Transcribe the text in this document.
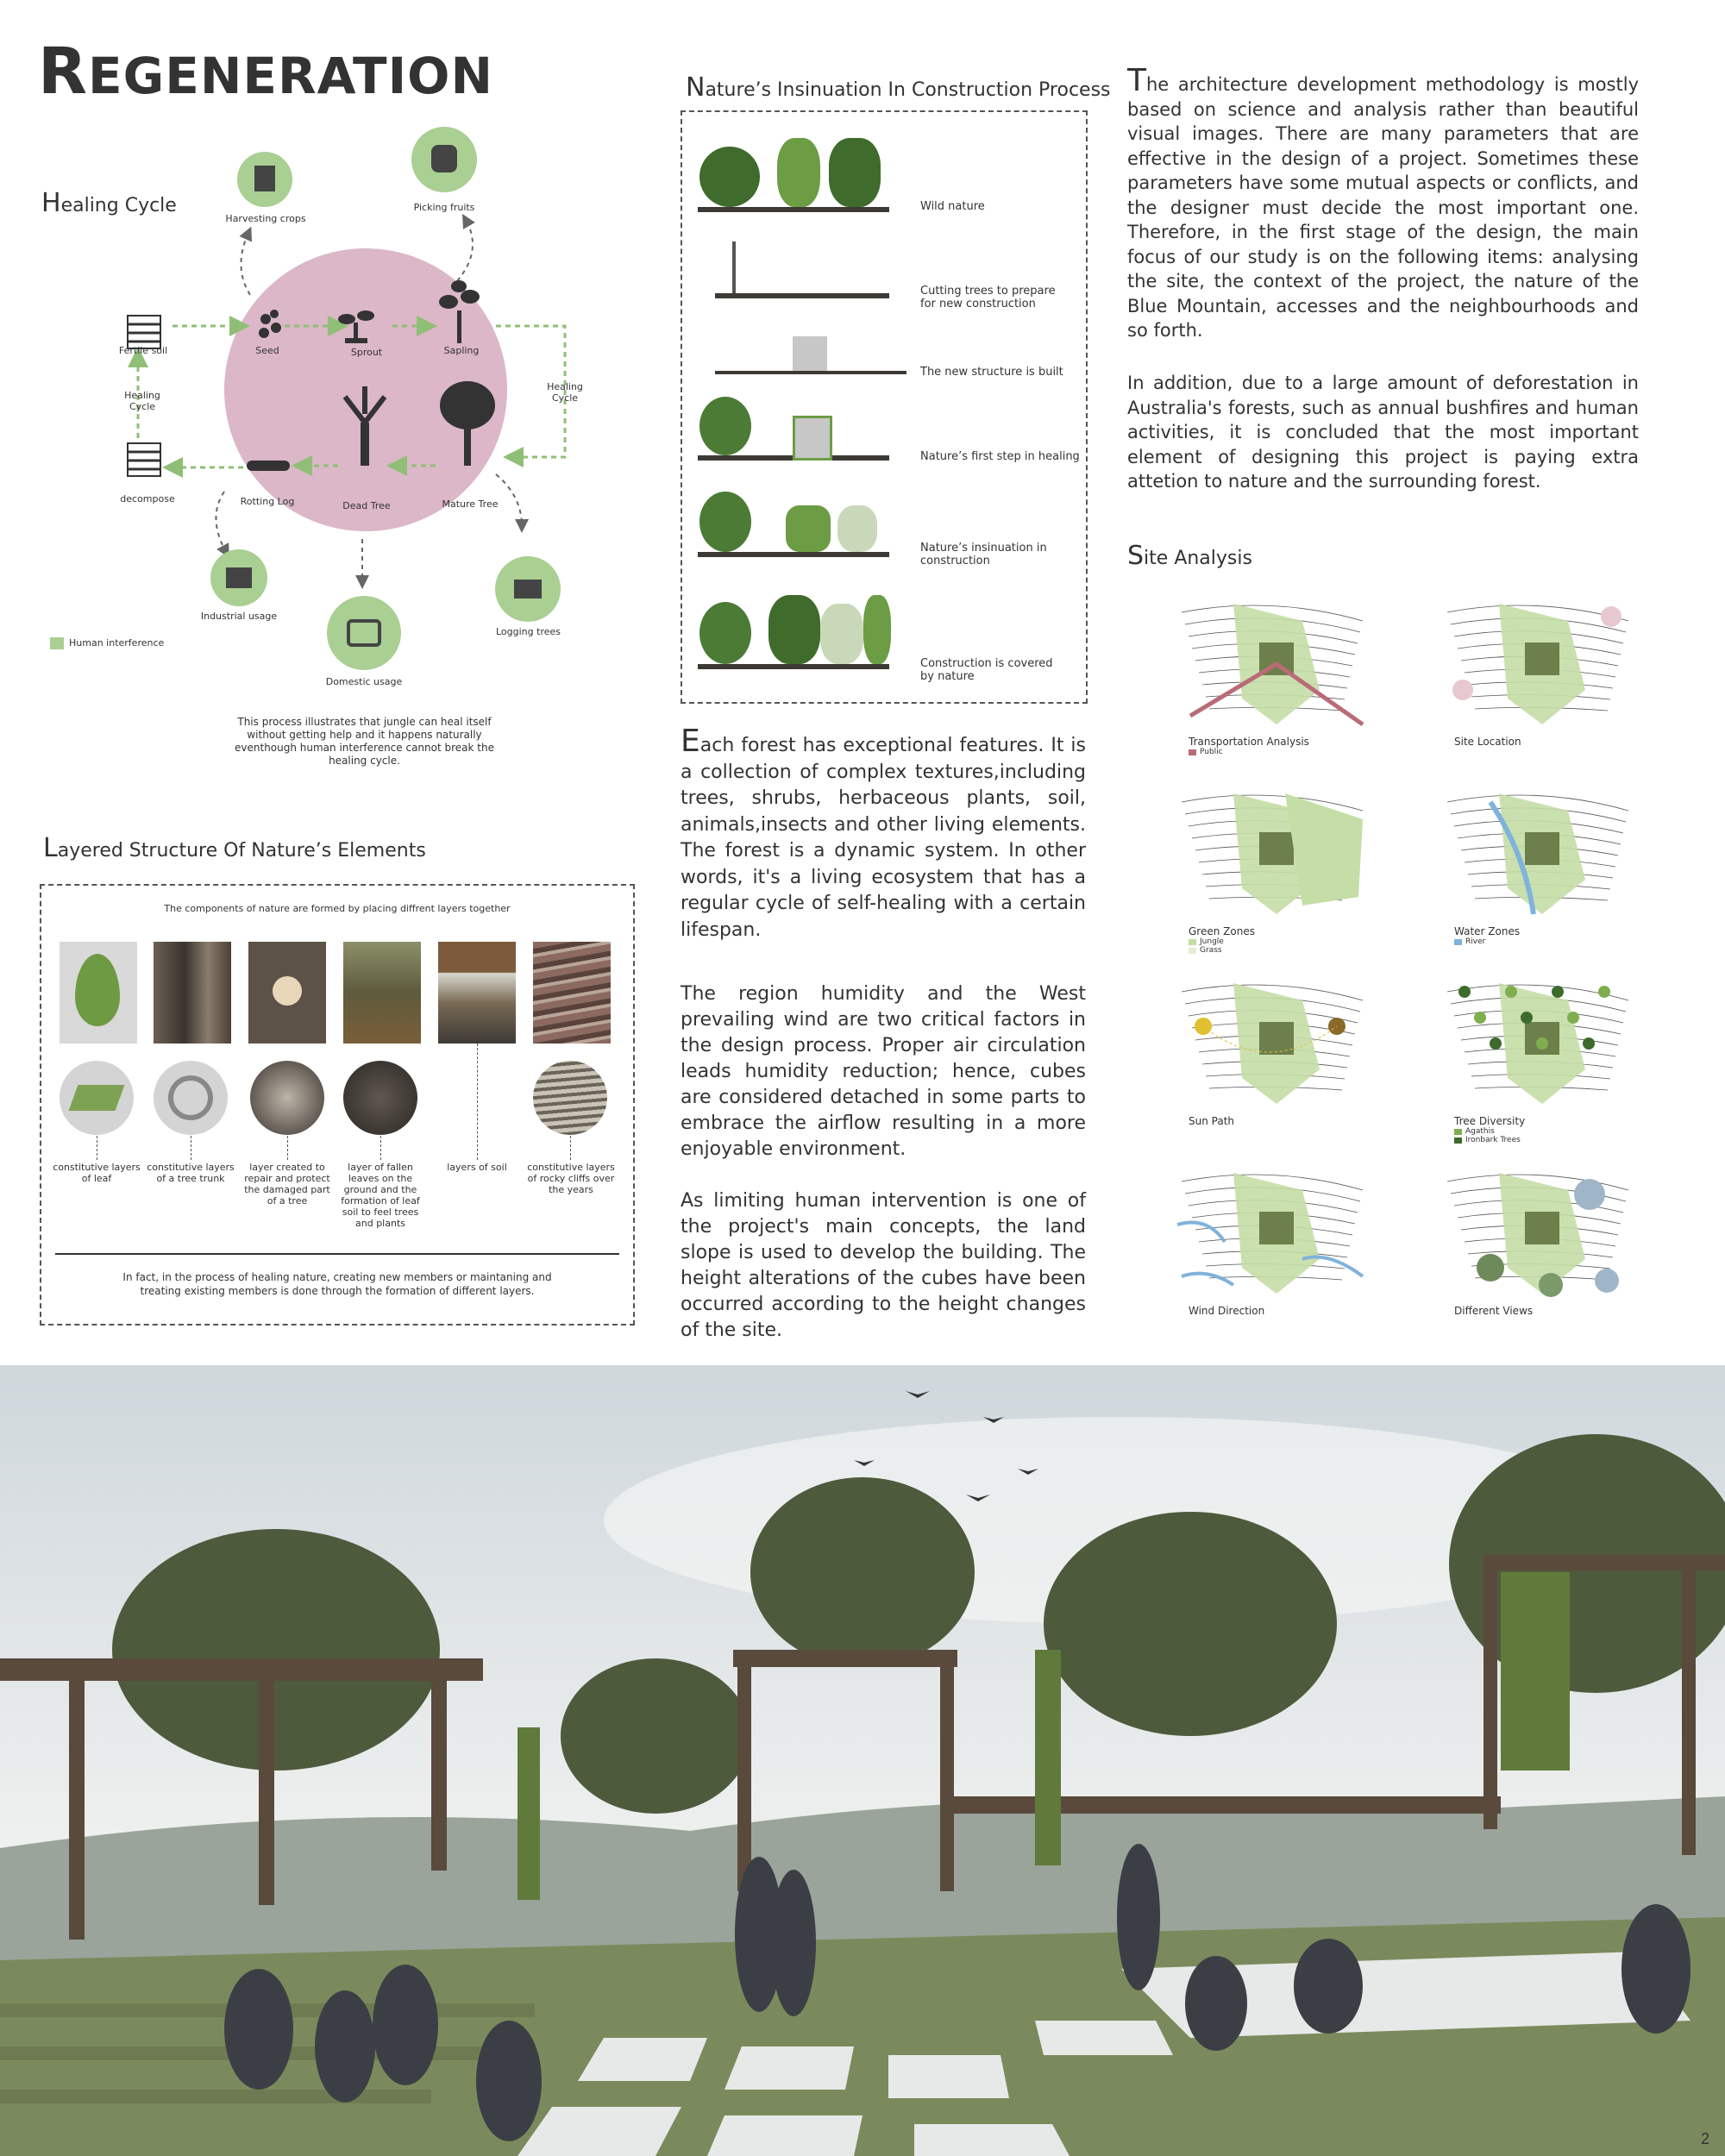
REGENERATION
Healing Cycle
Harvesting crops
Picking fruits
Seed	Sprout	Sapling
Fertile soil
Healing Cycle
Healing Cycle
decompose	Rotting Log	Dead Tree	Mature Tree
Industrial usage
Domestic usage
Logging trees
Human interference
This process illustrates that jungle can heal itself without getting help and it happens naturally eventhough human interference cannot break the healing cycle.
Layered Structure Of Nature’s Elements
The components of nature are formed by placing diffrent layers together
constitutive layers of leaf
constitutive layers of a tree trunk
layer created to repair and protect the damaged part of a tree
layer of fallen leaves on the ground and the formation of leaf soil to feel trees and plants
layers of soil	constitutive layers of rocky cliffs over the years
In fact, in the process of healing nature, creating new members or maintaning and treating existing members is done through the formation of different layers.
Nature’s Insinuation In Construction Process
Wild nature
Cutting trees to prepare for new construction
The new structure is built
Nature’s first step in healing
Nature’s insinuation in construction
Construction is covered by nature
Each forest has exceptional features. It is a collection of complex textures,including trees, shrubs, herbaceous plants, soil, animals,insects and other living elements. The forest is a dynamic system. In other words, it's a living ecosystem that has a regular cycle of self-healing with a certain lifespan.
The region humidity and the West prevailing wind are two critical factors in the design process. Proper air circulation leads humidity reduction; hence, cubes are considered detached in some parts to embrace the airflow resulting in a more enjoyable environment.
As limiting human intervention is one of the project's main concepts, the land slope is used to develop the building. The height alterations of the cubes have been occurred according to the height changes of the site.
The architecture development methodology is mostly based on science and analysis rather than beautiful visual images. There are many parameters that are effective in the design of a project. Sometimes these parameters have some mutual aspects or conflicts, and the designer must decide the most important one. Therefore, in the first stage of the design, the main focus of our study is on the following items: analysing the site, the context of the project, the nature of the Blue Mountain, accesses and the neighbourhoods and so forth.
In addition, due to a large amount of deforestation in Australia's forests, such as annual bushfires and human activities, it is concluded that the most important element of designing this project is paying extra attetion to nature and the surrounding forest.
Site Analysis
Transportation Analysis
Public
Site Location
Green Zones
Jungle
Grass
Water Zones
River
Sun Path	Tree Diversity
Agathis
Ironbark Trees
Wind Direction	Different Views
2
